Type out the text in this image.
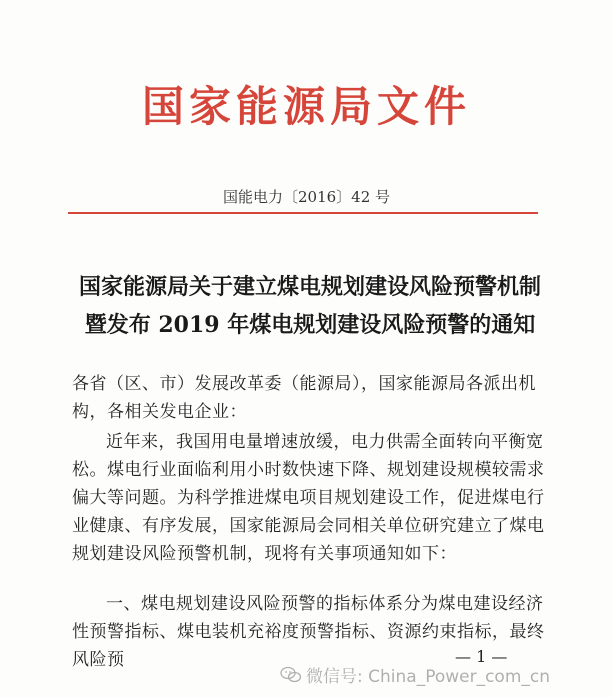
国家能源局文件
国能电力〔2016〕42 号
国家能源局关于建立煤电规划建设风险预警机制
暨发布 2019 年煤电规划建设风险预警的通知
各省（区、市）发展改革委（能源局），国家能源局各派出机构，各相关发电企业：
近年来，我国用电量增速放缓，电力供需全面转向平衡宽松。煤电行业面临利用小时数快速下降、规划建设规模较需求偏大等问题。为科学推进煤电项目规划建设工作，促进煤电行业健康、有序发展，国家能源局会同相关单位研究建立了煤电规划建设风险预警机制，现将有关事项通知如下：
一、煤电规划建设风险预警的指标体系分为煤电建设经济性预警指标、煤电装机充裕度预警指标、资源约束指标，最终风险预	— 1 —
微信号: China_Power_com_cn
